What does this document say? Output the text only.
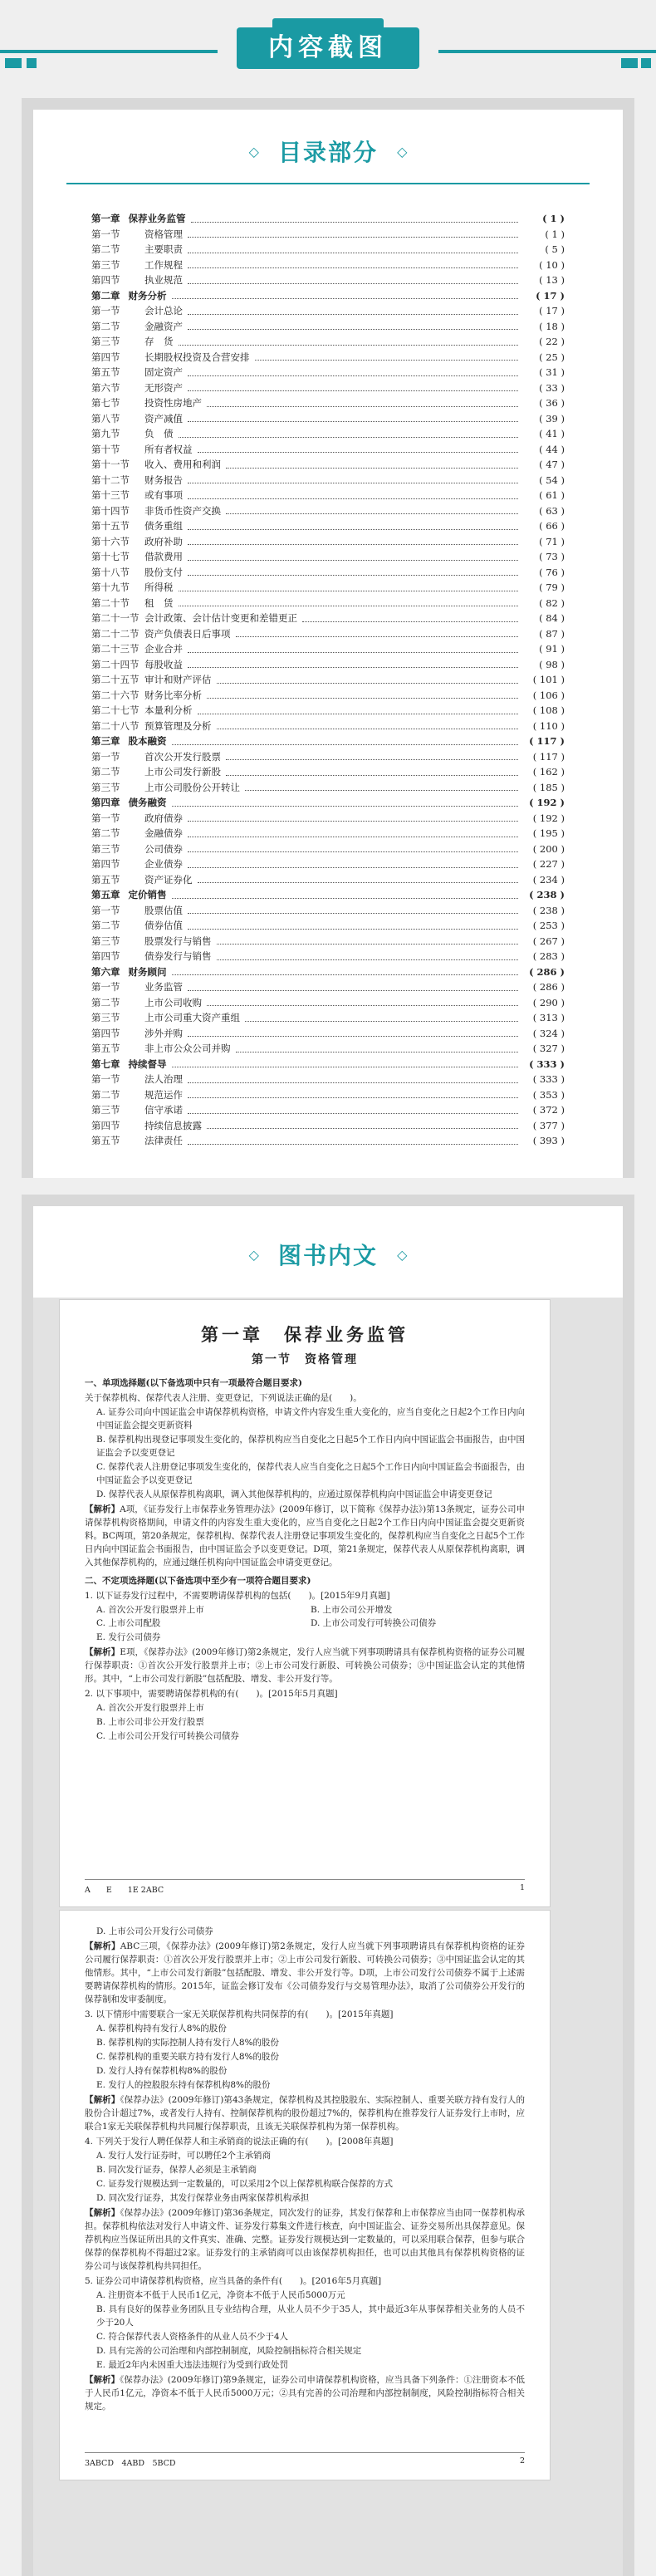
内容截图
◇ 目录部分 ◇
第一章 保荐业务监管	( 1 )
第一节	资格管理	( 1 )
第二节	主要职责	( 5 )
第三节	工作规程	( 10 )
第四节	执业规范	( 13 )
第二章 财务分析	( 17 )
第一节	会计总论	( 17 )
第二节	金融资产	( 18 )
第三节	存　货	( 22 )
第四节	长期股权投资及合营安排	( 25 )
第五节	固定资产	( 31 )
第六节	无形资产	( 33 )
第七节	投资性房地产	( 36 )
第八节	资产减值	( 39 )
第九节	负　债	( 41 )
第十节	所有者权益	( 44 )
第十一节	收入、费用和利润	( 47 )
第十二节	财务报告	( 54 )
第十三节	或有事项	( 61 )
第十四节	非货币性资产交换	( 63 )
第十五节	债务重组	( 66 )
第十六节	政府补助	( 71 )
第十七节	借款费用	( 73 )
第十八节	股份支付	( 76 )
第十九节	所得税	( 79 )
第二十节	租　赁	( 82 )
第二十一节 会计政策、会计估计变更和差错更正	( 84 )
第二十二节 资产负债表日后事项	( 87 )
第二十三节 企业合并	( 91 )
第二十四节 每股收益	( 98 )
第二十五节 审计和财产评估	( 101 )
第二十六节 财务比率分析	( 106 )
第二十七节 本量利分析	( 108 )
第二十八节 预算管理及分析	( 110 )
第三章 股本融资	( 117 )
第一节	首次公开发行股票	( 117 )
第二节	上市公司发行新股	( 162 )
第三节	上市公司股份公开转让	( 185 )
第四章 债务融资	( 192 )
第一节	政府债券	( 192 )
第二节	金融债券	( 195 )
第三节	公司债券	( 200 )
第四节	企业债券	( 227 )
第五节	资产证券化	( 234 )
第五章 定价销售	( 238 )
第一节	股票估值	( 238 )
第二节	债券估值	( 253 )
第三节	股票发行与销售	( 267 )
第四节	债券发行与销售	( 283 )
第六章 财务顾问	( 286 )
第一节	业务监管	( 286 )
第二节	上市公司收购	( 290 )
第三节	上市公司重大资产重组	( 313 )
第四节	涉外并购	( 324 )
第五节	非上市公众公司并购	( 327 )
第七章 持续督导	( 333 )
第一节	法人治理	( 333 )
第二节	规范运作	( 353 )
第三节	信守承诺	( 372 )
第四节	持续信息披露	( 377 )
第五节	法律责任	( 393 )
◇ 图书内文 ◇
第一章　保荐业务监管
第一节　资格管理
一、单项选择题(以下备选项中只有一项最符合题目要求)
关于保荐机构、保荐代表人注册、变更登记，下列说法正确的是(　　)。
A. 证券公司向中国证监会申请保荐机构资格，申请文件内容发生重大变化的，应当自变化之日起2个工作日内向中国证监会提交更新资料
B. 保荐机构出现登记事项发生变化的，保荐机构应当自变化之日起5个工作日内向中国证监会书面报告，由中国证监会予以变更登记
C. 保荐代表人注册登记事项发生变化的，保荐代表人应当自变化之日起5个工作日内向中国证监会书面报告，由中国证监会予以变更登记
D. 保荐代表人从原保荐机构离职，调入其他保荐机构的，应通过原保荐机构向中国证监会申请变更登记
【解析】A项，《证券发行上市保荐业务管理办法》(2009年修订，以下简称《保荐办法》)第13条规定，证券公司申请保荐机构资格期间，申请文件的内容发生重大变化的，应当自变化之日起2个工作日内向中国证监会提交更新资料。BC两项，第20条规定，保荐机构、保荐代表人注册登记事项发生变化的，保荐机构应当自变化之日起5个工作日内向中国证监会书面报告，由中国证监会予以变更登记。D项，第21条规定，保荐代表人从原保荐机构离职，调入其他保荐机构的，应通过继任机构向中国证监会申请变更登记。
二、不定项选择题(以下备选项中至少有一项符合题目要求)
1. 以下证券发行过程中，不需要聘请保荐机构的包括(　　)。[2015年9月真题]
A. 首次公开发行股票并上市	B. 上市公司公开增发
C. 上市公司配股	D. 上市公司发行可转换公司债券
E. 发行公司债券
【解析】E项，《保荐办法》(2009年修订)第2条规定，发行人应当就下列事项聘请具有保荐机构资格的证券公司履行保荐职责：①首次公开发行股票并上市；②上市公司发行新股、可转换公司债券；③中国证监会认定的其他情形。其中，“上市公司发行新股”包括配股、增发、非公开发行等。
2. 以下事项中，需要聘请保荐机构的有(　　)。[2015年5月真题]
A. 首次公开发行股票并上市
B. 上市公司非公开发行股票
C. 上市公司公开发行可转换公司债券
A　　E　　1E 2ABC	1
D. 上市公司公开发行公司债券
【解析】ABC三项，《保荐办法》(2009年修订)第2条规定，发行人应当就下列事项聘请具有保荐机构资格的证券公司履行保荐职责：①首次公开发行股票并上市；②上市公司发行新股、可转换公司债券；③中国证监会认定的其他情形。其中，“上市公司发行新股”包括配股、增发、非公开发行等。D项，上市公司发行公司债券不属于上述需要聘请保荐机构的情形。2015年，证监会修订发布《公司债券发行与交易管理办法》，取消了公司债券公开发行的保荐制和发审委制度。
3. 以下情形中需要联合一家无关联保荐机构共同保荐的有(　　)。[2015年真题]
A. 保荐机构持有发行人8%的股份
B. 保荐机构的实际控制人持有发行人8%的股份
C. 保荐机构的重要关联方持有发行人8%的股份
D. 发行人持有保荐机构8%的股份
E. 发行人的控股股东持有保荐机构8%的股份
【解析】《保荐办法》(2009年修订)第43条规定，保荐机构及其控股股东、实际控制人、重要关联方持有发行人的股份合计超过7%，或者发行人持有、控制保荐机构的股份超过7%的，保荐机构在推荐发行人证券发行上市时，应联合1家无关联保荐机构共同履行保荐职责，且该无关联保荐机构为第一保荐机构。
4. 下列关于发行人聘任保荐人和主承销商的说法正确的有(　　)。[2008年真题]
A. 发行人发行证券时，可以聘任2个主承销商
B. 同次发行证券，保荐人必须是主承销商
C. 证券发行规模达到一定数量的，可以采用2个以上保荐机构联合保荐的方式
D. 同次发行证券，其发行保荐业务由两家保荐机构承担
【解析】《保荐办法》(2009年修订)第36条规定，同次发行的证券，其发行保荐和上市保荐应当由同一保荐机构承担。保荐机构依法对发行人申请文件、证券发行募集文件进行核查，向中国证监会、证券交易所出具保荐意见。保荐机构应当保证所出具的文件真实、准确、完整。证券发行规模达到一定数量的，可以采用联合保荐，但参与联合保荐的保荐机构不得超过2家。证券发行的主承销商可以由该保荐机构担任，也可以由其他具有保荐机构资格的证券公司与该保荐机构共同担任。
5. 证券公司申请保荐机构资格，应当具备的条件有(　　)。[2016年5月真题]
A. 注册资本不低于人民币1亿元，净资本不低于人民币5000万元
B. 具有良好的保荐业务团队且专业结构合理，从业人员不少于35人，其中最近3年从事保荐相关业务的人员不少于20人
C. 符合保荐代表人资格条件的从业人员不少于4人
D. 具有完善的公司治理和内部控制制度，风险控制指标符合相关规定
E. 最近2年内未因重大违法违规行为受到行政处罚
【解析】《保荐办法》(2009年修订)第9条规定，证券公司申请保荐机构资格，应当具备下列条件：①注册资本不低于人民币1亿元，净资本不低于人民币5000万元；②具有完善的公司治理和内部控制制度，风险控制指标符合相关规定。
3ABCD　4ABD　5BCD	2
